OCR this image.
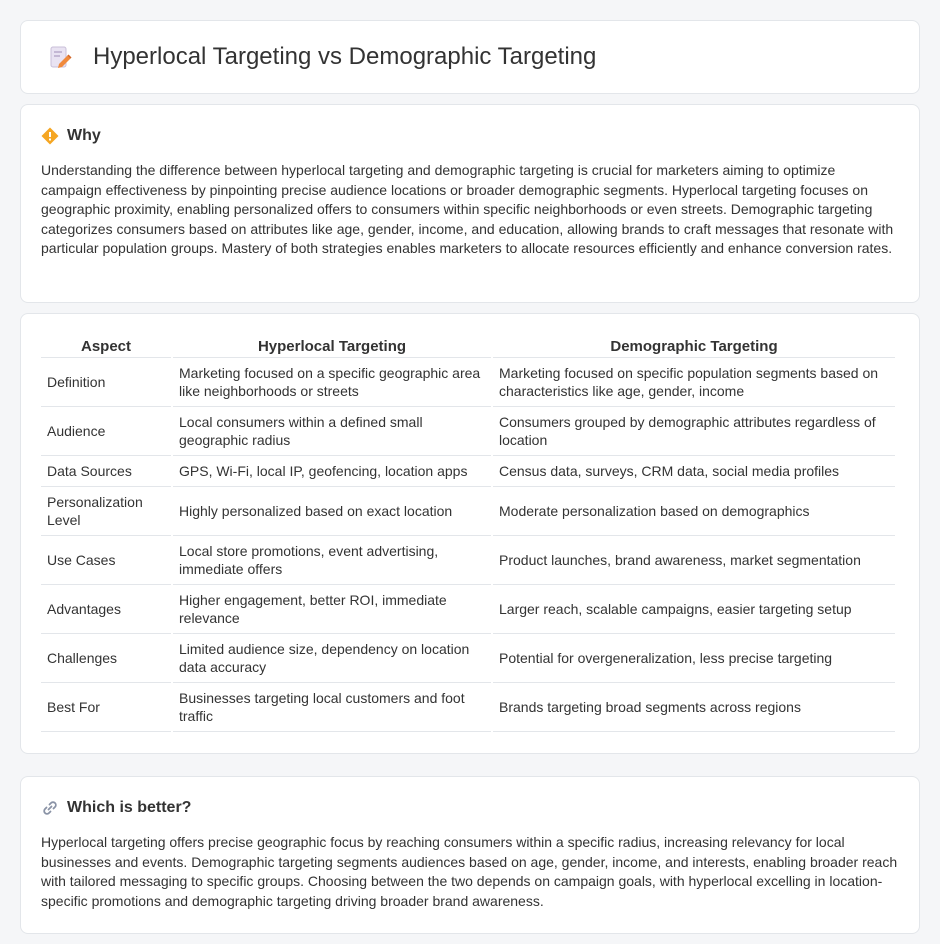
Hyperlocal Targeting vs Demographic Targeting
Why

Understanding the difference between hyperlocal targeting and demographic targeting is crucial for marketers aiming to optimize campaign effectiveness by pinpointing precise audience locations or broader demographic segments. Hyperlocal targeting focuses on geographic proximity, enabling personalized offers to consumers within specific neighborhoods or even streets. Demographic targeting categorizes consumers based on attributes like age, gender, income, and education, allowing brands to craft messages that resonate with particular population groups. Mastery of both strategies enables marketers to allocate resources efficiently and enhance conversion rates.

Aspect	Hyperlocal Targeting	Demographic Targeting
Definition	Marketing focused on a specific geographic area like neighborhoods or streets	Marketing focused on specific population segments based on characteristics like age, gender, income
Audience	Local consumers within a defined small geographic radius	Consumers grouped by demographic attributes regardless of location
Data Sources	GPS, Wi-Fi, local IP, geofencing, location apps	Census data, surveys, CRM data, social media profiles
Personalization Level	Highly personalized based on exact location	Moderate personalization based on demographics
Use Cases	Local store promotions, event advertising, immediate offers	Product launches, brand awareness, market segmentation
Advantages	Higher engagement, better ROI, immediate relevance	Larger reach, scalable campaigns, easier targeting setup
Challenges	Limited audience size, dependency on location data accuracy	Potential for overgeneralization, less precise targeting
Best For	Businesses targeting local customers and foot traffic	Brands targeting broad segments across regions
Which is better?

Hyperlocal targeting offers precise geographic focus by reaching consumers within a specific radius, increasing relevancy for local businesses and events. Demographic targeting segments audiences based on age, gender, income, and interests, enabling broader reach with tailored messaging to specific groups. Choosing between the two depends on campaign goals, with hyperlocal excelling in location-specific promotions and demographic targeting driving broader brand awareness.
